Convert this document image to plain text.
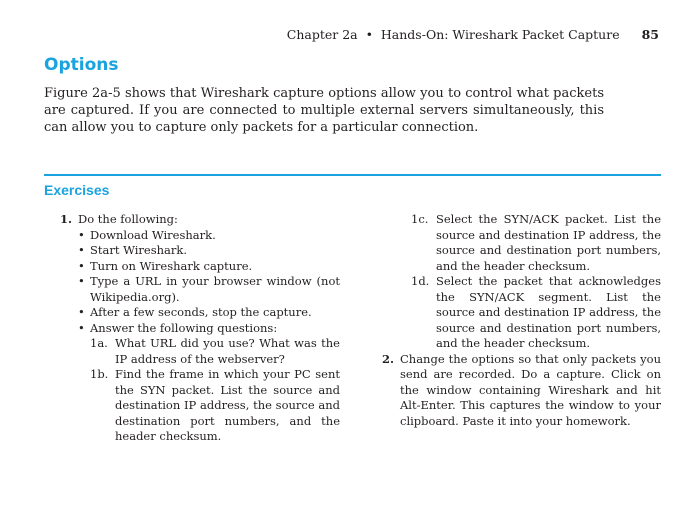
Chapter 2a • Hands-On: Wireshark Packet Capture 85
Options

Figure 2a-5 shows that Wireshark capture options allow you to control what packets are captured. If you are connected to multiple external servers simultaneously, this can allow you to capture only packets for a particular connection.

Exercises
1. Do the following:
• Download Wireshark.
• Start Wireshark.
• Turn on Wireshark capture.
• Type a URL in your browser window (not Wikipedia.org).
• After a few seconds, stop the capture.
• Answer the following questions:
1a. What URL did you use? What was the IP address of the webserver?
1b. Find the frame in which your PC sent the SYN packet. List the source and destination IP address, the source and destination port numbers, and the header checksum.
1c. Select the SYN/ACK packet. List the source and destination IP address, the source and destination port numbers, and the header checksum.
1d. Select the packet that acknowledges the SYN/ACK segment. List the source and destination IP address, the source and destination port numbers, and the header checksum.
2. Change the options so that only packets you send are recorded. Do a capture. Click on the window containing Wireshark and hit Alt-Enter. This captures the window to your clipboard. Paste it into your homework.
